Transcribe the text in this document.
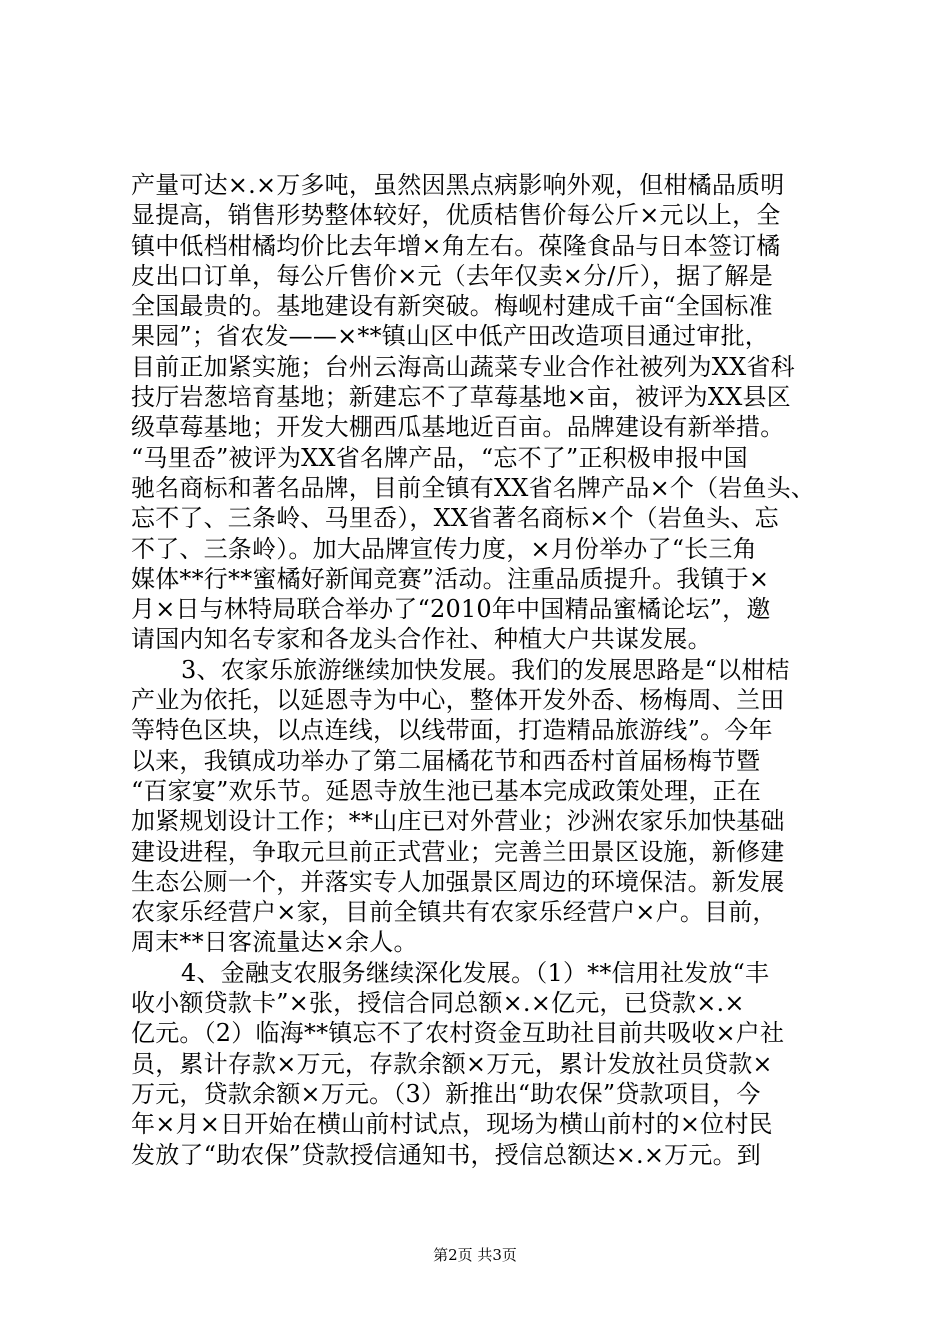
产量可达×.×万多吨，虽然因黑点病影响外观，但柑橘品质明
显提高，销售形势整体较好，优质桔售价每公斤×元以上，全
镇中低档柑橘均价比去年增×角左右。葆隆食品与日本签订橘
皮出口订单，每公斤售价×元（去年仅卖×分/斤），据了解是
全国最贵的。基地建设有新突破。梅岘村建成千亩“全国标准
果园”；省农发——×**镇山区中低产田改造项目通过审批，
目前正加紧实施；台州云海高山蔬菜专业合作社被列为XX省科
技厅岩葱培育基地；新建忘不了草莓基地×亩，被评为XX县区
级草莓基地；开发大棚西瓜基地近百亩。品牌建设有新举措。
“马里岙”被评为XX省名牌产品，“忘不了”正积极申报中国
驰名商标和著名品牌，目前全镇有XX省名牌产品×个（岩鱼头、
忘不了、三条岭、马里岙），XX省著名商标×个（岩鱼头、忘
不了、三条岭）。加大品牌宣传力度，×月份举办了“长三角
媒体**行**蜜橘好新闻竞赛”活动。注重品质提升。我镇于×
月×日与林特局联合举办了“2010年中国精品蜜橘论坛”，邀
请国内知名专家和各龙头合作社、种植大户共谋发展。
3、农家乐旅游继续加快发展。我们的发展思路是“以柑桔
产业为依托，以延恩寺为中心，整体开发外岙、杨梅周、兰田
等特色区块，以点连线，以线带面，打造精品旅游线”。今年
以来，我镇成功举办了第二届橘花节和西岙村首届杨梅节暨
“百家宴”欢乐节。延恩寺放生池已基本完成政策处理，正在
加紧规划设计工作；**山庄已对外营业；沙洲农家乐加快基础
建设进程，争取元旦前正式营业；完善兰田景区设施，新修建
生态公厕一个，并落实专人加强景区周边的环境保洁。新发展
农家乐经营户×家，目前全镇共有农家乐经营户×户。目前，
周末**日客流量达×余人。
4、金融支农服务继续深化发展。（1）**信用社发放“丰
收小额贷款卡”×张，授信合同总额×.×亿元，已贷款×.×
亿元。（2）临海**镇忘不了农村资金互助社目前共吸收×户社
员，累计存款×万元，存款余额×万元，累计发放社员贷款×
万元，贷款余额×万元。（3）新推出“助农保”贷款项目，今
年×月×日开始在横山前村试点，现场为横山前村的×位村民
发放了“助农保”贷款授信通知书，授信总额达×.×万元。到
第2页 共3页
